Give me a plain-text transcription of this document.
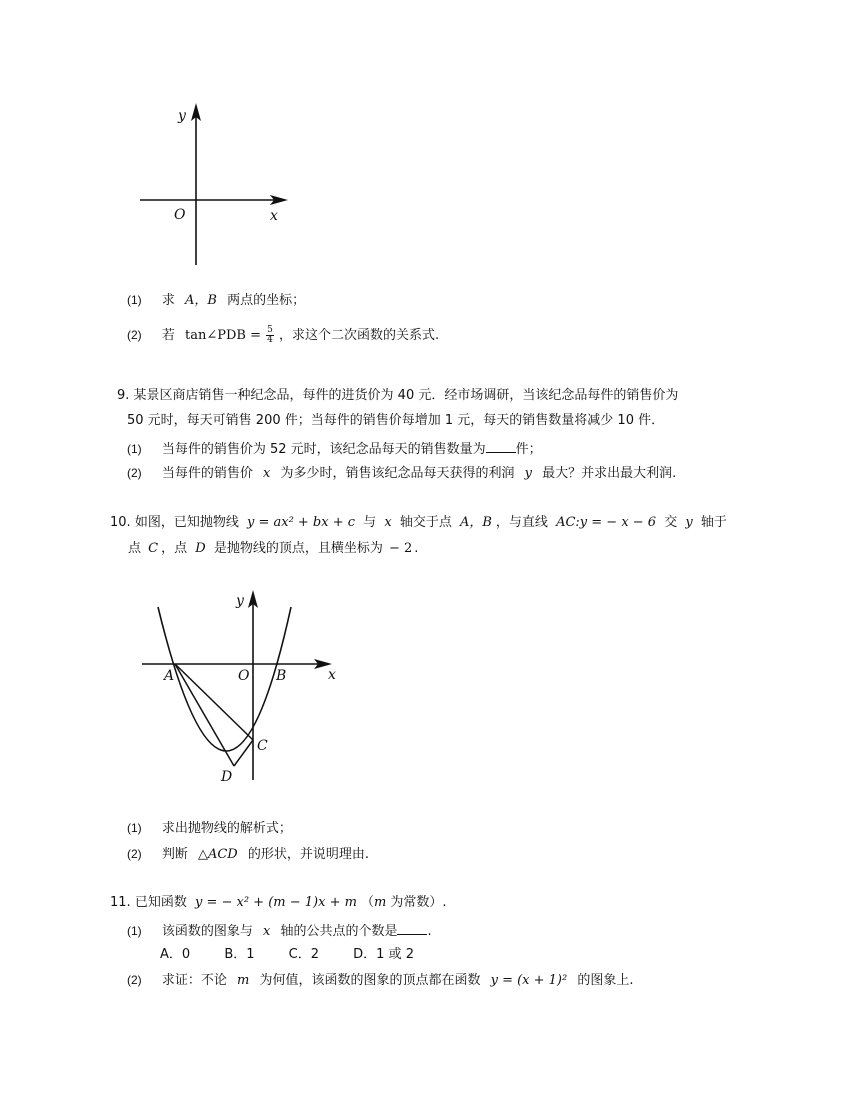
y
O	x
(1) 求 A，B 两点的坐标；
(2) 若 tan∠PDB = $\frac{5}{4}$ ，求这个二次函数的关系式.
9. 某景区商店销售一种纪念品，每件的进货价为 40 元．经市场调研，当该纪念品每件的销售价为
50 元时，每天可销售 200 件；当每件的销售价每增加 1 元，每天的销售数量将减少 10 件．
(1) 当每件的销售价为 52 元时，该纪念品每天的销售数量为 件；
(2) 当每件的销售价 x 为多少时，销售该纪念品每天获得的利润 y 最大？并求出最大利润.
10. 如图，已知抛物线 y = ax² + bx + c 与 x 轴交于点 A，B ，与直线 AC:y = − x − 6 交 y 轴于
点 C ，点 D 是抛物线的顶点，且横坐标为 − 2 .
y
x
A	O B
C
D
(1) 求出抛物线的解析式；
(2) 判断 △ACD 的形状，并说明理由.
11. 已知函数 y = − x² + (m − 1)x + m （m 为常数）.
(1) 该函数的图象与 x 轴的公共点的个数是 .
A．0	B．1	C．2	D．1 或 2
(2) 求证：不论 m 为何值，该函数的图象的顶点都在函数 y = (x + 1)² 的图象上.
